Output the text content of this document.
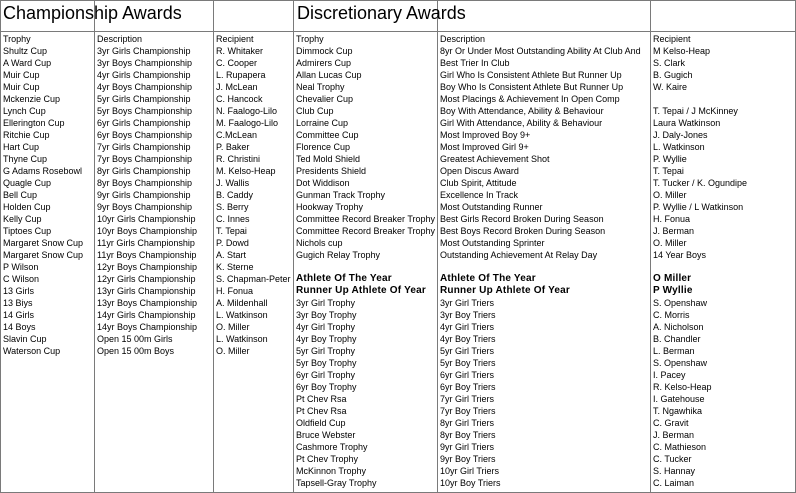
Championship Awards	Discretionary Awards
Trophy
Shultz Cup
A Ward Cup
Muir Cup
Muir Cup
Mckenzie Cup
Lynch Cup
Ellerington Cup
Ritchie Cup
Hart Cup
Thyne Cup
G Adams Rosebowl
Quagle Cup
Bell Cup
Holden Cup
Kelly Cup
Tiptoes Cup
Margaret Snow Cup
Margaret Snow Cup
P Wilson
C Wilson
13 Girls
13 Biys
14 Girls
14 Boys
Slavin Cup
Waterson Cup
Description
3yr Girls Championship
3yr Boys Championship
4yr Girls Championship
4yr Boys Championship
5yr Girls Championship
5yr Boys Championship
6yr Girls Championship
6yr Boys Championship
7yr Girls Championship
7yr Boys Championship
8yr Girls Championship
8yr Boys Championship
9yr Girls Championship
9yr Boys Championship
10yr Girls Championship
10yr Boys Championship
11yr Girls Championship
11yr Boys Championship
12yr Boys Championship
12yr Girls Championship
13yr Girls Championship
13yr Boys Championship
14yr Girls Championship
14yr Boys Championship
Open 15 00m Girls
Open 15 00m Boys
Recipient
R. Whitaker
C. Cooper
L. Rupapera
J. McLean
C. Hancock
N. Faalogo-Lilo
M. Faalogo-Lilo
C.McLean
P. Baker
R. Christini
M. Kelso-Heap
J. Wallis
B. Caddy
S. Berry
C. Innes
T. Tepai
P. Dowd
A. Start
K. Sterne
S. Chapman-Peter
H. Fonua
A. Mildenhall
L. Watkinson
O. Miller
L. Watkinson
O. Miller
Trophy
Dimmock Cup
Admirers Cup
Allan Lucas Cup
Neal Trophy
Chevalier Cup
Club Cup
Lorraine Cup
Committee Cup
Florence Cup
Ted Mold Shield
Presidents Shield
Dot Widdison
Gunman Track Trophy
Hookway Trophy
Committee Record Breaker Trophy
Committee Record Breaker Trophy
Nichols cup
Gugich Relay Trophy
Athlete Of The Year
Runner Up Athlete Of Year
3yr Girl Trophy
3yr Boy Trophy
4yr Girl Trophy
4yr Boy Trophy
5yr Girl Trophy
5yr Boy Trophy
6yr Girl Trophy
6yr Boy Trophy
Pt Chev Rsa
Pt Chev Rsa
Oldfield Cup
Bruce Webster
Cashmore Trophy
Pt Chev Trophy
McKinnon Trophy
Tapsell-Gray Trophy
Description
8yr Or Under Most Outstanding Ability At Club And
Best Trier In Club
Girl Who Is Consistent Athlete But Runner Up
Boy Who Is Consistent Athlete But Runner Up
Most Placings & Achievement In Open Comp
Boy With Attendance, Ability & Behaviour
Girl With Attendance, Ability & Behaviour
Most Improved Boy 9+
Most Improved Girl 9+
Greatest Achievement Shot
Open Discus Award
Club Spirit, Attitude
Excellence In Track
Most Outstanding Runner
Best Girls Record Broken During Season
Best Boys Record Broken During Season
Most Outstanding Sprinter
Outstanding Achievement At Relay Day
Athlete Of The Year
Runner Up Athlete Of Year
3yr Girl Triers
3yr Boy Triers
4yr Girl Triers
4yr Boy Triers
5yr Girl Triers
5yr Boy Triers
6yr Girl Triers
6yr Boy Triers
7yr Girl Triers
7yr Boy Triers
8yr Girl Triers
8yr Boy Triers
9yr Girl Triers
9yr Boy Triers
10yr Girl Triers
10yr Boy Triers
Recipient
M Kelso-Heap
S. Clark
B. Gugich
W. Kaire
T. Tepai / J McKinney
Laura Watkinson
J. Daly-Jones
L. Watkinson
P. Wyllie
T. Tepai
T. Tucker / K. Ogundipe
O. Miller
P. Wyllie / L Watkinson
H. Fonua
J. Berman
O. Miller
14 Year Boys
O Miller
P Wyllie
S. Openshaw
C. Morris
A. Nicholson
B. Chandler
L. Berman
S. Openshaw
I. Pacey
R. Kelso-Heap
I. Gatehouse
T. Ngawhika
C. Gravit
J. Berman
C. Mathieson
C. Tucker
S. Hannay
C. Laiman
